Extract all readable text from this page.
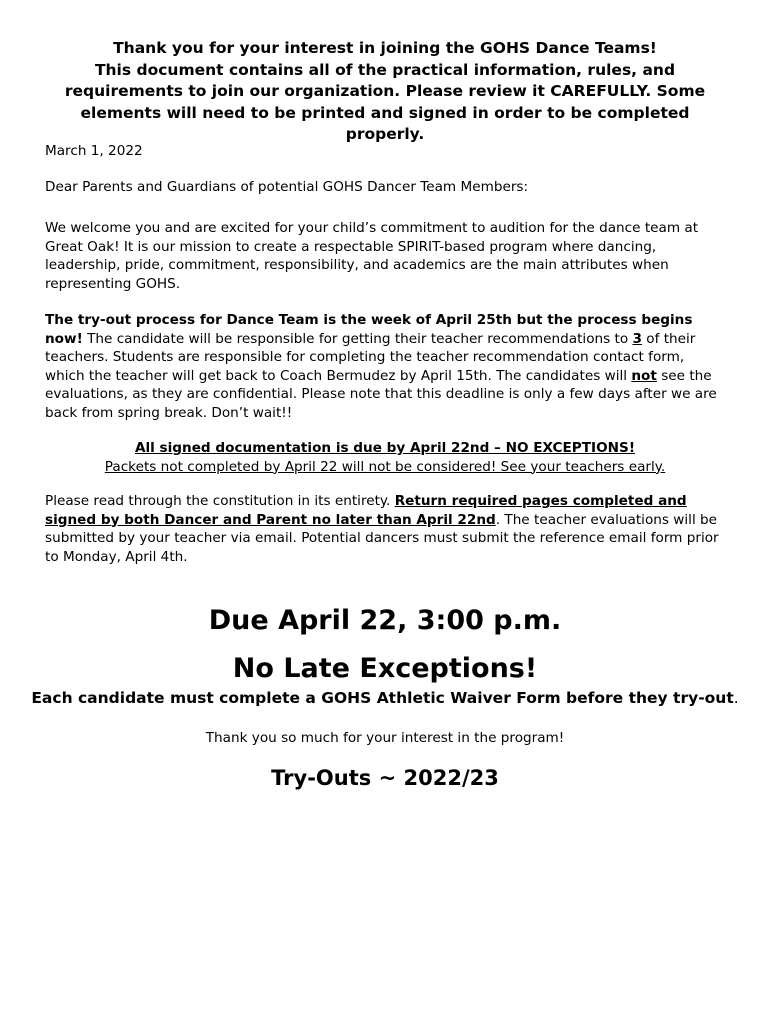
Thank you for your interest in joining the GOHS Dance Teams!
This document contains all of the practical information, rules, and requirements to join our organization. Please review it CAREFULLY. Some elements will need to be printed and signed in order to be completed properly.
March 1, 2022
Dear Parents and Guardians of potential GOHS Dancer Team Members:
We welcome you and are excited for your child’s commitment to audition for the dance team at Great Oak! It is our mission to create a respectable SPIRIT-based program where dancing, leadership, pride, commitment, responsibility, and academics are the main attributes when representing GOHS.
The try-out process for Dance Team is the week of April 25th but the process begins now! The candidate will be responsible for getting their teacher recommendations to 3 of their teachers. Students are responsible for completing the teacher recommendation contact form, which the teacher will get back to Coach Bermudez by April 15th. The candidates will not see the evaluations, as they are confidential. Please note that this deadline is only a few days after we are back from spring break. Don’t wait!!
All signed documentation is due by April 22nd – NO EXCEPTIONS!
Packets not completed by April 22 will not be considered! See your teachers early.
Please read through the constitution in its entirety. Return required pages completed and signed by both Dancer and Parent no later than April 22nd. The teacher evaluations will be submitted by your teacher via email. Potential dancers must submit the reference email form prior to Monday, April 4th.
Due April 22, 3:00 p.m.
No Late Exceptions!
Each candidate must complete a GOHS Athletic Waiver Form before they try-out.
Thank you so much for your interest in the program!
Try-Outs ~ 2022/23
